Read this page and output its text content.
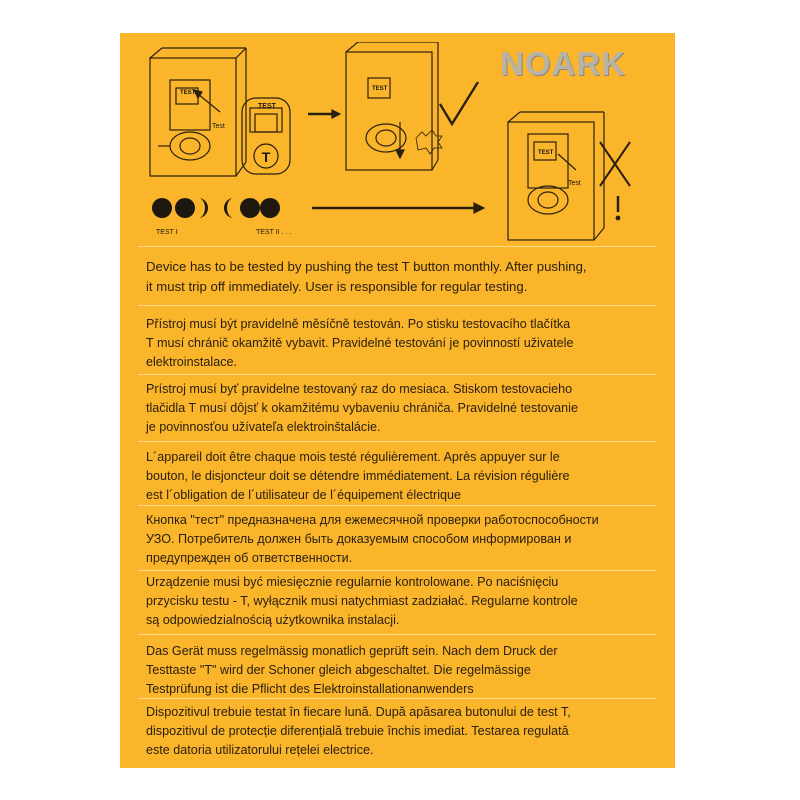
NOARK
TEST
TEST
Test
T
TEST
TEST
Test
TEST I	TEST II . . .
Device has to be tested by pushing the test T button monthly. After pushing,
it must trip off immediately. User is responsible for regular testing.
Přístroj musí být pravidelně měsíčně testován. Po stisku testovacího tlačítka
T musí chránič okamžitě vybavit. Pravidelné testování je povinností uživatele
elektroinstalace.
Prístroj musí byť pravidelne testovaný raz do mesiaca. Stiskom testovacieho
tlačidla T musí dôjsť k okamžitému vybaveniu chrániča. Pravidelné testovanie
je povinnosťou užívateľa elektroinštalácie.
L´appareil doit être chaque mois testé régulièrement. Après appuyer sur le
bouton, le disjoncteur doit se détendre immédiatement. La révision régulière
est l´obligation de l´utilisateur de l´équipement électrique
Кнопка "тест" предназначена для ежемесячной проверки работоспособности
УЗО. Потребитель должен быть доказуемым способом информирован и
предупрежден об ответственности.
Urządzenie musi być miesięcznie regularnie kontrolowane. Po naciśnięciu
przycisku testu - T, wyłącznik musi natychmiast zadziałać. Regularne kontrole
są odpowiedzialnością użytkownika instalacji.
Das Gerät muss regelmässig monatlich geprüft sein. Nach dem Druck der
Testtaste "T" wird der Schoner gleich abgeschaltet. Die regelmässige
Testprüfung ist die Pflicht des Elektroinstallationanwenders
Dispozitivul trebuie testat în fiecare lună. După apăsarea butonului de test T,
dispozitivul de protecție diferențială trebuie închis imediat. Testarea regulată
este datoria utilizatorului rețelei electrice.
